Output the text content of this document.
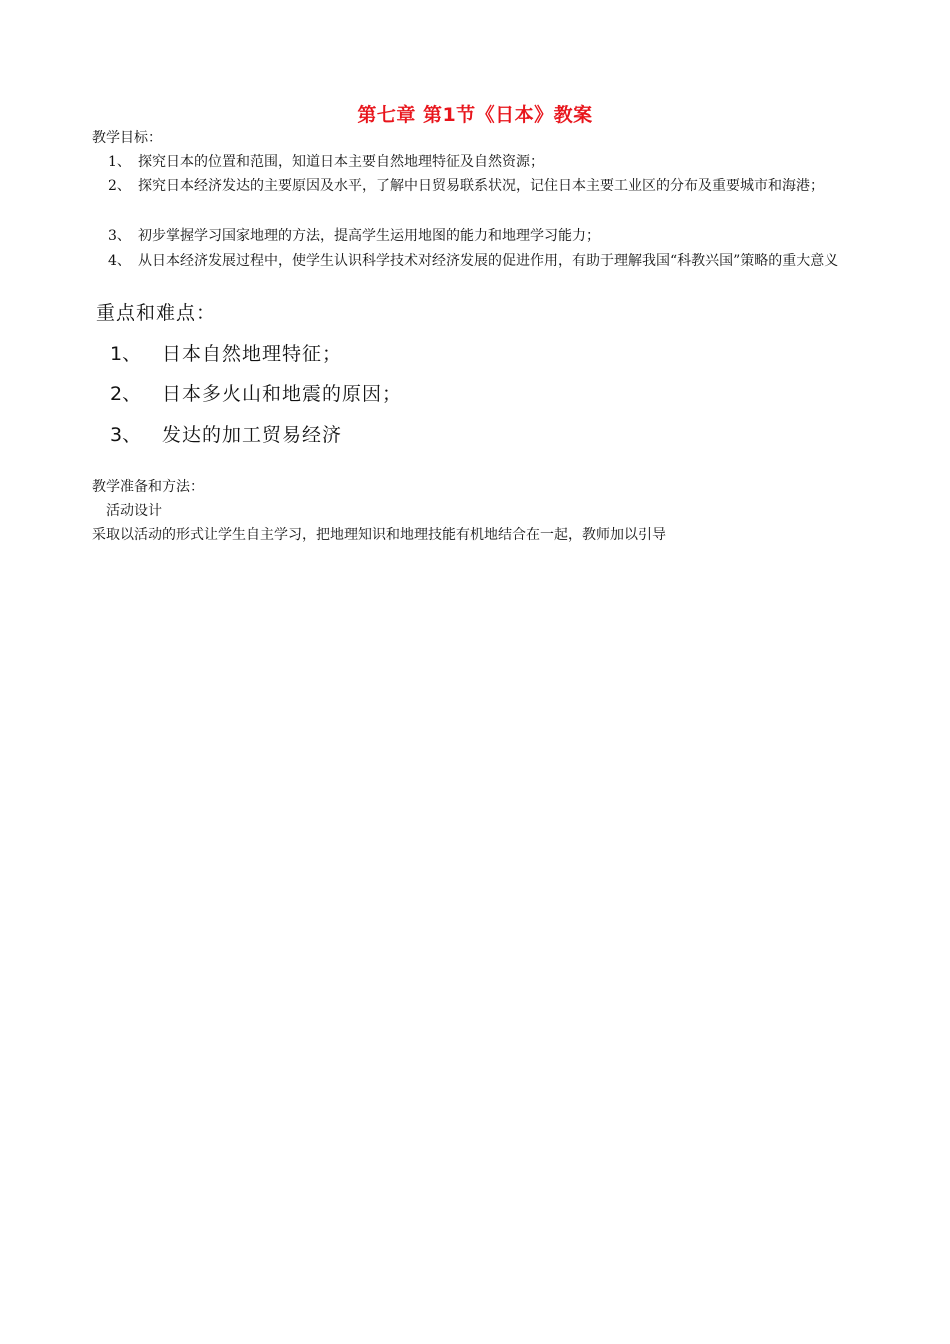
第七章 第1节《日本》教案
教学目标：
1、 探究日本的位置和范围，知道日本主要自然地理特征及自然资源；
2、 探究日本经济发达的主要原因及水平，了解中日贸易联系状况，记住日本主要工业区的分布及重要城市和海港；
3、 初步掌握学习国家地理的方法，提高学生运用地图的能力和地理学习能力；
4、 从日本经济发展过程中，使学生认识科学技术对经济发展的促进作用，有助于理解我国“科教兴国”策略的重大意义
重点和难点：
1、 日本自然地理特征；
2、 日本多火山和地震的原因；
3、 发达的加工贸易经济
教学准备和方法：
活动设计
采取以活动的形式让学生自主学习，把地理知识和地理技能有机地结合在一起，教师加以引导
